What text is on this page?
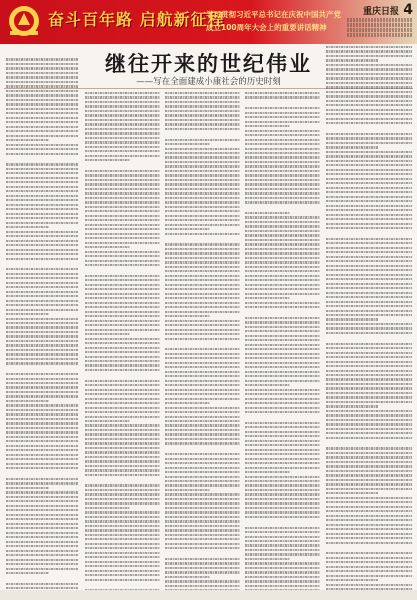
奋斗百年路 启航新征程
学习贯彻习近平总书记在庆祝中国共产党
成立100周年大会上的重要讲话精神
重庆日报 4
继往开来的世纪伟业
——写在全面建成小康社会的历史时刻
